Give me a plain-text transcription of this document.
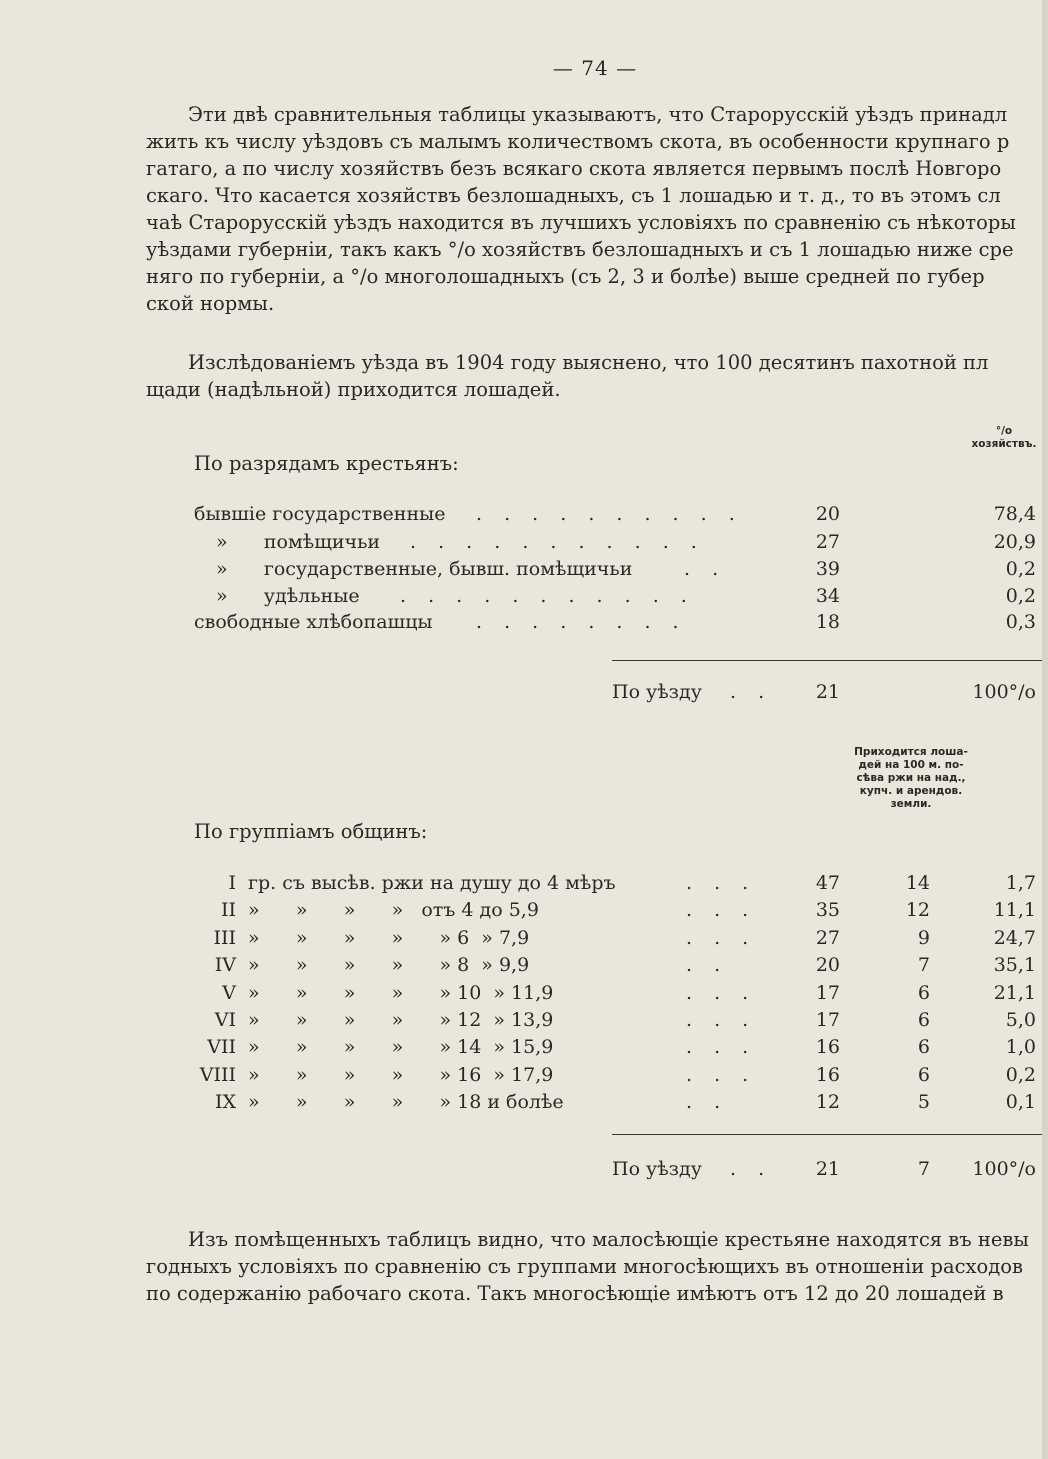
— 74 —
Эти двѣ сравнительныя таблицы указываютъ, что Старорусскій уѣздъ принадл
жить къ числу уѣздовъ съ малымъ количествомъ скота, въ особенности крупнаго р
гатаго, а по числу хозяйствъ безъ всякаго скота является первымъ послѣ Новгоро
скаго. Что касается хозяйствъ безлошадныхъ, съ 1 лошадью и т. д., то въ этомъ сл
чаѣ Старорусскій уѣздъ находится въ лучшихъ условіяхъ по сравненію съ нѣкоторы
уѣздами губерніи, такъ какъ °/o хозяйствъ безлошадныхъ и съ 1 лошадью ниже сре
няго по губерніи, а °/o многолошадныхъ (съ 2, 3 и болѣе) выше средней по губер
ской нормы.
Изслѣдованіемъ уѣзда въ 1904 году выяснено, что 100 десятинъ пахотной пл
щади (надѣльной) приходится лошадей.
°/o
хозяйствъ.
По разрядамъ крестьянъ:
бывшіе государственные . . . . . . . . . .	20	78,4
»      помѣщичьи . . . . . . . . . . .	27	20,9
»      государственные, бывш. помѣщичьи	. .	39	0,2
»      удѣльные . . . . . . . . . . .	34	0,2
свободные хлѣбопашцы . . . . . . . .	18	0,3
По уѣзду . .	21	100°/o
Приходится лоша-
дей на 100 м. по-
сѣва ржи на над.,
купч. и арендов.
земли.
По группіамъ общинъ:
I гр. съ высѣв. ржи на душу до 4 мѣръ	. . .	47	14	1,7
II »      »      »      »   отъ 4 до 5,9	. . .	35	12	11,1
III »      »      »      »      » 6  » 7,9	. . .	27	9	24,7
IV »      »      »      »      » 8  » 9,9	. .	20	7	35,1
V »      »      »      »      » 10  » 11,9	. . .	17	6	21,1
VI »      »      »      »      » 12  » 13,9	. . .	17	6	5,0
VII »      »      »      »      » 14  » 15,9	. . .	16	6	1,0
VIII »      »      »      »      » 16  » 17,9	. . .	16	6	0,2
IX »      »      »      »      » 18 и болѣе	. .	12	5	0,1
По уѣзду . .	21	7	100°/o
Изъ помѣщенныхъ таблицъ видно, что малосѣющіе крестьяне находятся въ невы
годныхъ условіяхъ по сравненію съ группами многосѣющихъ въ отношеніи расходов
по содержанію рабочаго скота. Такъ многосѣющіе имѣютъ отъ 12 до 20 лошадей в
